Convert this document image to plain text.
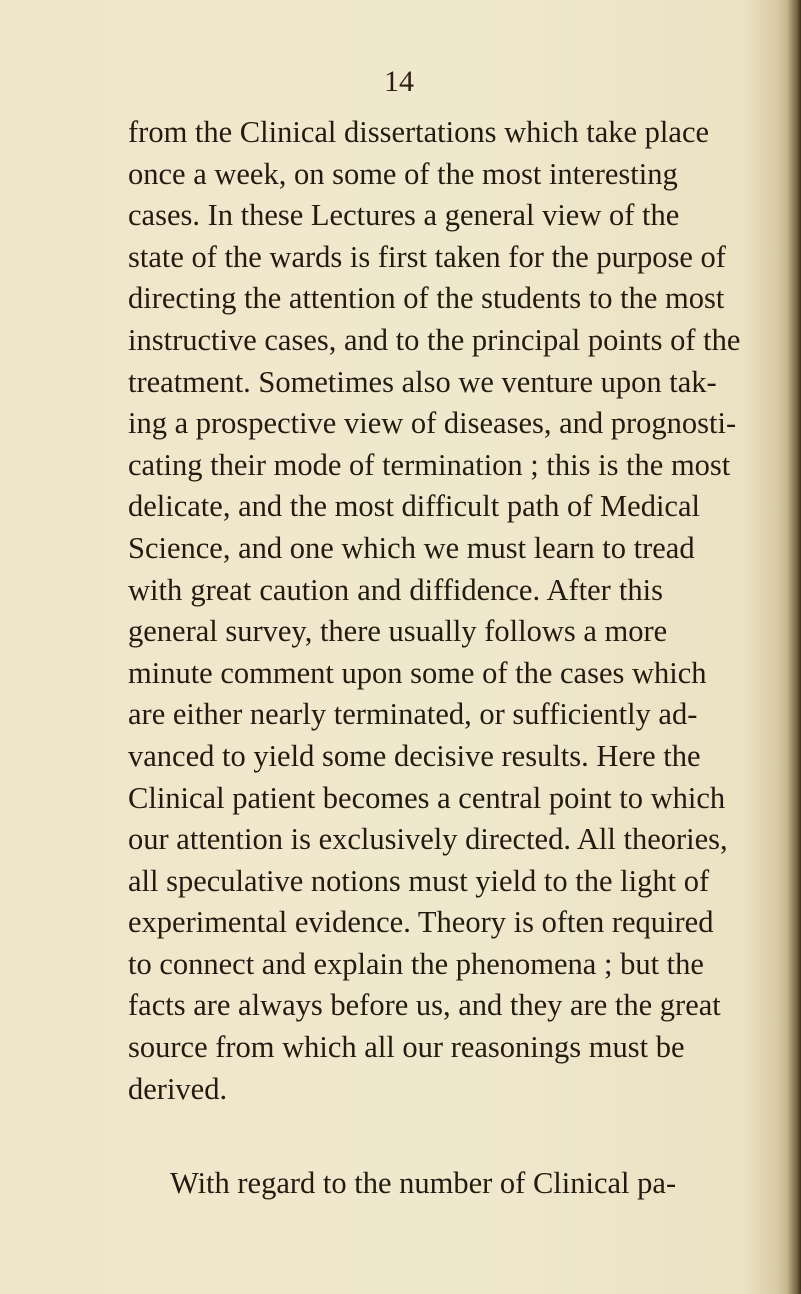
14
from the Clinical dissertations which take place
once a week, on some of the most interesting
cases. In these Lectures a general view of the
state of the wards is first taken for the purpose of
directing the attention of the students to the most
instructive cases, and to the principal points of the
treatment. Sometimes also we venture upon tak-
ing a prospective view of diseases, and prognosti-
cating their mode of termination ; this is the most
delicate, and the most difficult path of Medical
Science, and one which we must learn to tread
with great caution and diffidence. After this
general survey, there usually follows a more
minute comment upon some of the cases which
are either nearly terminated, or sufficiently ad-
vanced to yield some decisive results. Here the
Clinical patient becomes a central point to which
our attention is exclusively directed. All theories,
all speculative notions must yield to the light of
experimental evidence. Theory is often required
to connect and explain the phenomena ; but the
facts are always before us, and they are the great
source from which all our reasonings must be
derived.
With regard to the number of Clinical pa-
